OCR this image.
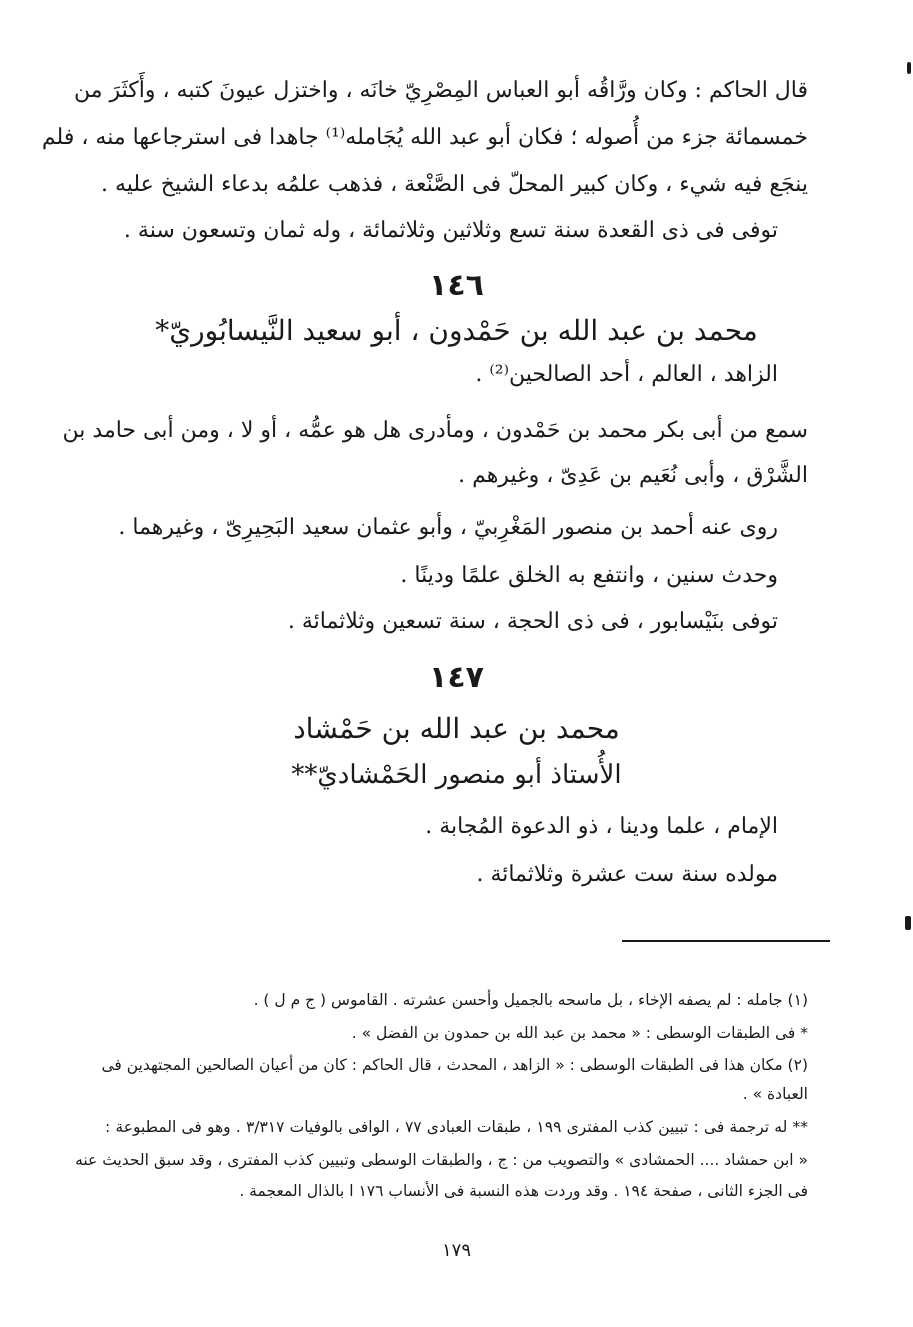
قال الحاكم : وكان ورَّاقُه أبو العباس المِصْرِيّ خانَه ، واختزل عيونَ كتبه ، وأَكثَرَ من
خمسمائة جزء من أُصوله ؛ فكان أبو عبد الله يُجَامله⁽¹⁾ جاهدا فى استرجاعها منه ، فلم
ينجَع فيه شيء ، وكان كبير المحلّ فى الصَّنْعة ، فذهب علمُه بدعاء الشيخ عليه .
توفى فى ذى القعدة سنة تسع وثلاثين وثلاثمائة ، وله ثمان وتسعون سنة .
١٤٦
محمد بن عبد الله بن حَمْدون ، أبو سعيد النَّيسابُوريّ*
الزاهد ، العالم ، أحد الصالحين⁽²⁾ .
سمع من أبى بكر محمد بن حَمْدون ، ومأدرى هل هو عمُّه ، أو لا ، ومن أبى حامد بن
الشَّرْق ، وأبى نُعَيم بن عَدِىّ ، وغيرهم .
روى عنه أحمد بن منصور المَغْرِبيّ ، وأبو عثمان سعيد البَحِيرِىّ ، وغيرهما .
وحدث سنين ، وانتفع به الخلق علمًا ودينًا .
توفى بنَيْسابور ، فى ذى الحجة ، سنة تسعين وثلاثمائة .
١٤٧
محمد بن عبد الله بن حَمْشاد
الأُستاذ أبو منصور الحَمْشاديّ**
الإمام ، علما ودينا ، ذو الدعوة المُجابة .
مولده سنة ست عشرة وثلاثمائة .
(١) جامله : لم يصفه الإخاء ، بل ماسحه بالجميل وأحسن عشرته . القاموس ( ج م ل ) .
* فى الطبقات الوسطى : « محمد بن عبد الله بن حمدون بن الفضل » .
(٢) مكان هذا فى الطبقات الوسطى : « الزاهد ، المحدث ، قال الحاكم : كان من أعيان الصالحين المجتهدين فى
العبادة » .
** له ترجمة فى : تبيين كذب المفترى ١٩٩ ، طبقات العبادى ٧٧ ، الوافى بالوفيات ٣/٣١٧ . وهو فى المطبوعة :
« ابن حمشاد .... الحمشادى » والتصويب من : ج ، والطبقات الوسطى وتبيين كذب المفترى ، وقد سبق الحديث عنه
فى الجزء الثانى ، صفحة ١٩٤ . وقد وردت هذه النسبة فى الأنساب ١٧٦ ا بالذال المعجمة .
١٧٩
